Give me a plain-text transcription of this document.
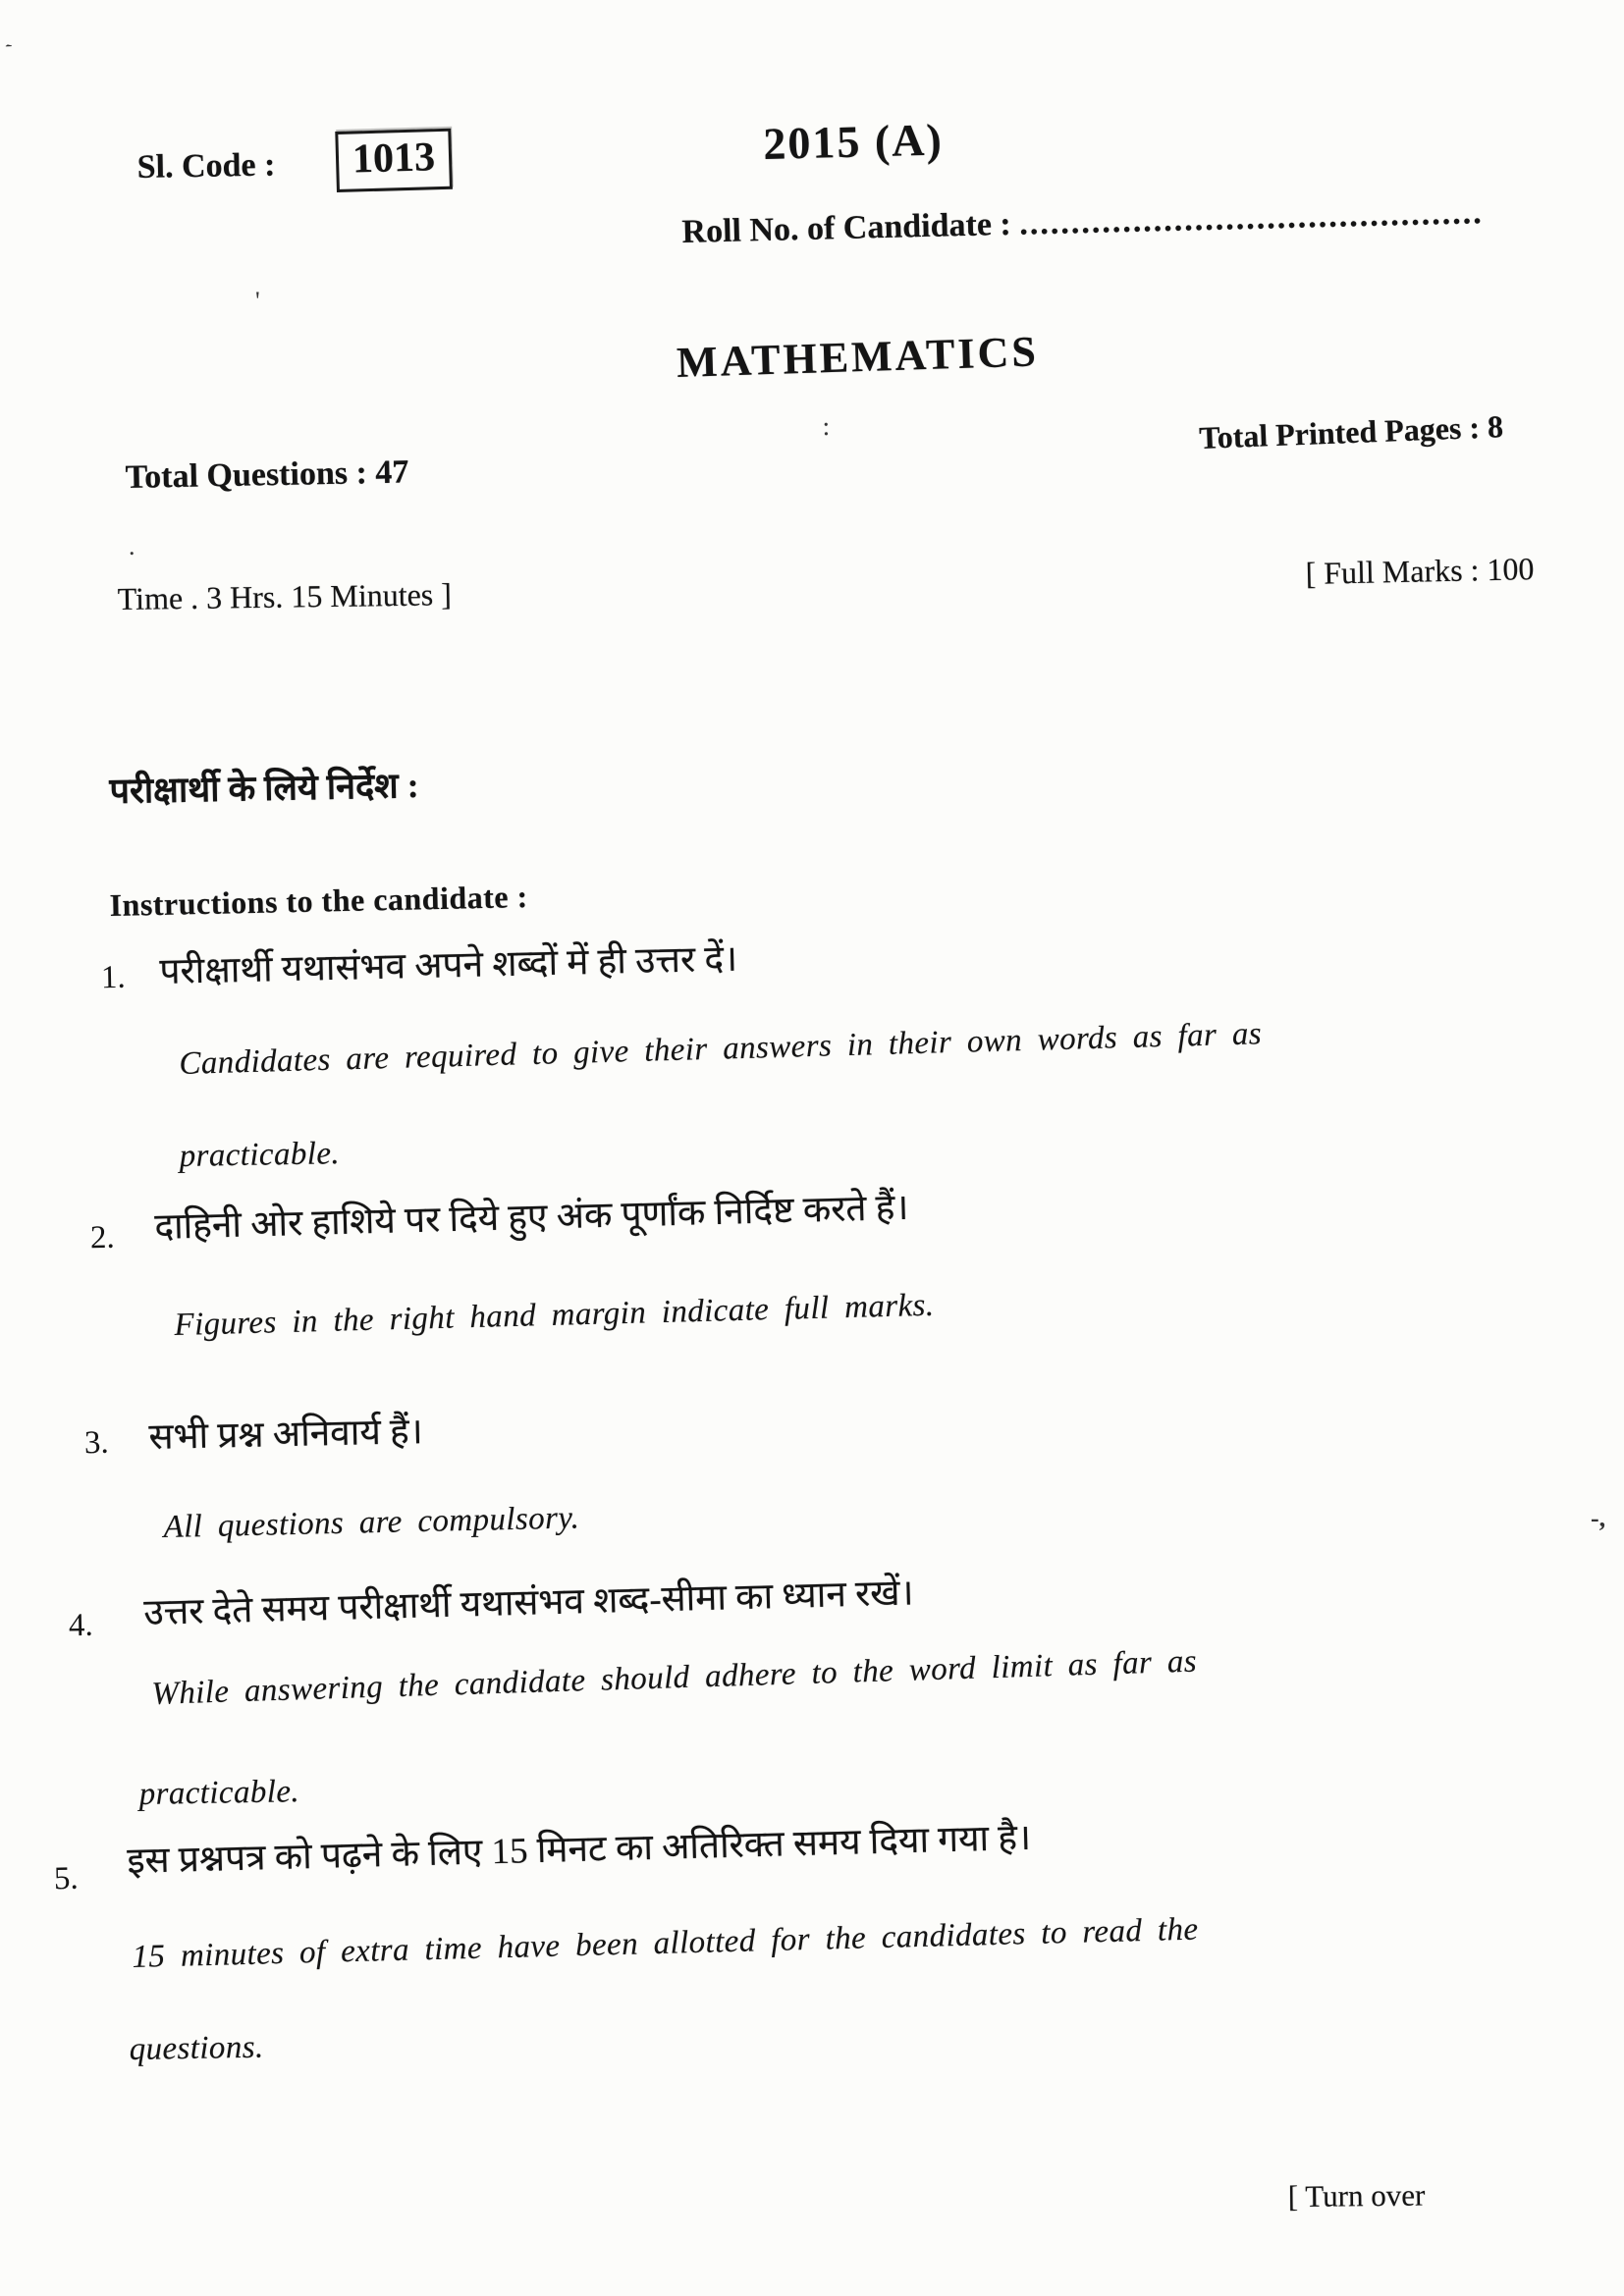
Sl. Code :	1013	2015 (A)
Roll No. of Candidate : .............................................
MATHEMATICS
:	Total Printed Pages : 8
Total Questions : 47
[ Full Marks : 100
Time . 3 Hrs. 15 Minutes ]
परीक्षार्थी के लिये निर्देश :
Instructions to the candidate :
1. परीक्षार्थी यथासंभव अपने शब्दों में ही उत्तर दें।
Candidates are required to give their answers in their own words as far as
practicable.
2. दाहिनी ओर हाशिये पर दिये हुए अंक पूर्णांक निर्दिष्ट करते हैं।
Figures in the right hand margin indicate full marks.
3. सभी प्रश्न अनिवार्य हैं।
All questions are compulsory.
4. उत्तर देते समय परीक्षार्थी यथासंभव शब्द-सीमा का ध्यान रखें।
While answering the candidate should adhere to the word limit as far as
practicable.
5. इस प्रश्नपत्र को पढ़ने के लिए 15 मिनट का अतिरिक्त समय दिया गया है।
15 minutes of extra time have been allotted for the candidates to read the
questions.
[ Turn over
`
'
.
-,
